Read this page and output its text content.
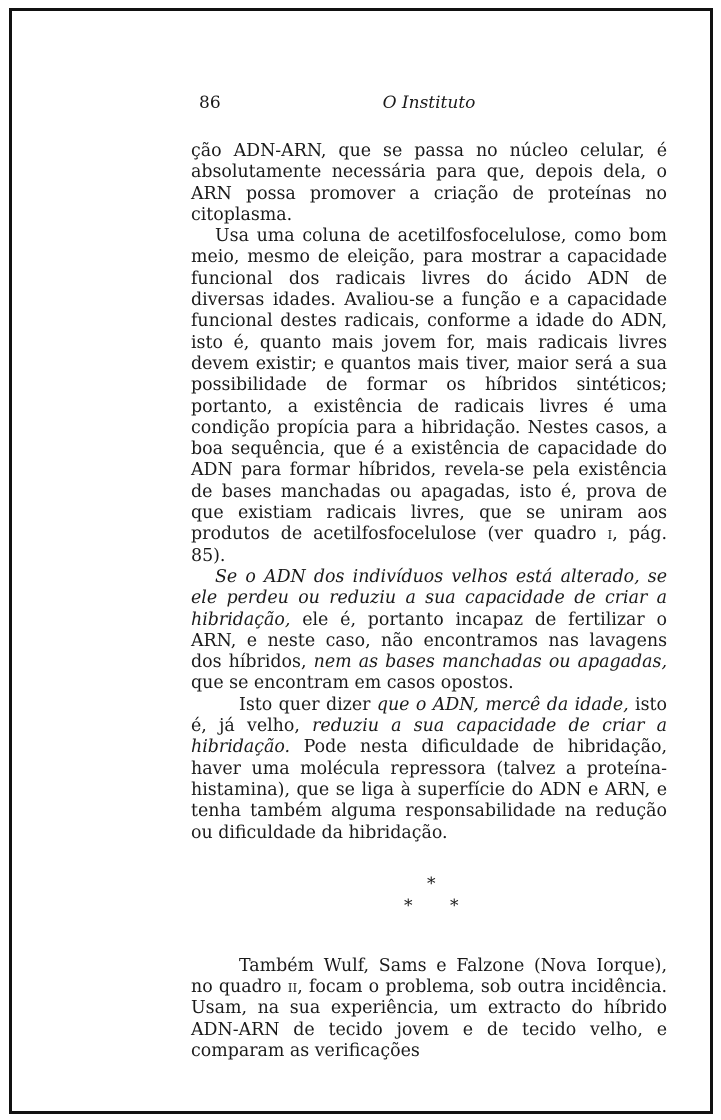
86	O Instituto

ção ADN-ARN, que se passa no núcleo celular, é absolutamente necessária para que, depois dela, o ARN possa promover a criação de proteínas no citoplasma.

Usa uma coluna de acetilfosfocelulose, como bom meio, mesmo de eleição, para mostrar a capacidade funcional dos radicais livres do ácido ADN de diversas idades. Avaliou-se a função e a capacidade funcional destes radicais, conforme a idade do ADN, isto é, quanto mais jovem for, mais radicais livres devem existir; e quantos mais tiver, maior será a sua possibilidade de formar os híbridos sintéticos; portanto, a existência de radicais livres é uma condição propícia para a hibridação. Nestes casos, a boa sequência, que é a existência de capacidade do ADN para formar híbridos, revela-se pela existência de bases manchadas ou apagadas, isto é, prova de que existiam radicais livres, que se uniram aos produtos de acetilfosfocelulose (ver quadro i, pág. 85).

Se o ADN dos indivíduos velhos está alterado, se ele perdeu ou reduziu a sua capacidade de criar a hibridação, ele é, portanto incapaz de fertilizar o ARN, e neste caso, não encontramos nas lavagens dos híbridos, nem as bases manchadas ou apagadas, que se encontram em casos opostos.

Isto quer dizer que o ADN, mercê da idade, isto é, já velho, reduziu a sua capacidade de criar a hibridação. Pode nesta dificuldade de hibridação, haver uma molécula repressora (talvez a proteína-histamina), que se liga à superfície do ADN e ARN, e tenha também alguma responsabilidade na redução ou dificuldade da hibridação.

*
* *

Também Wulf, Sams e Falzone (Nova Iorque), no quadro ii, focam o problema, sob outra incidência. Usam, na sua experiência, um extracto do híbrido ADN-ARN de tecido jovem e de tecido velho, e comparam as verificações
